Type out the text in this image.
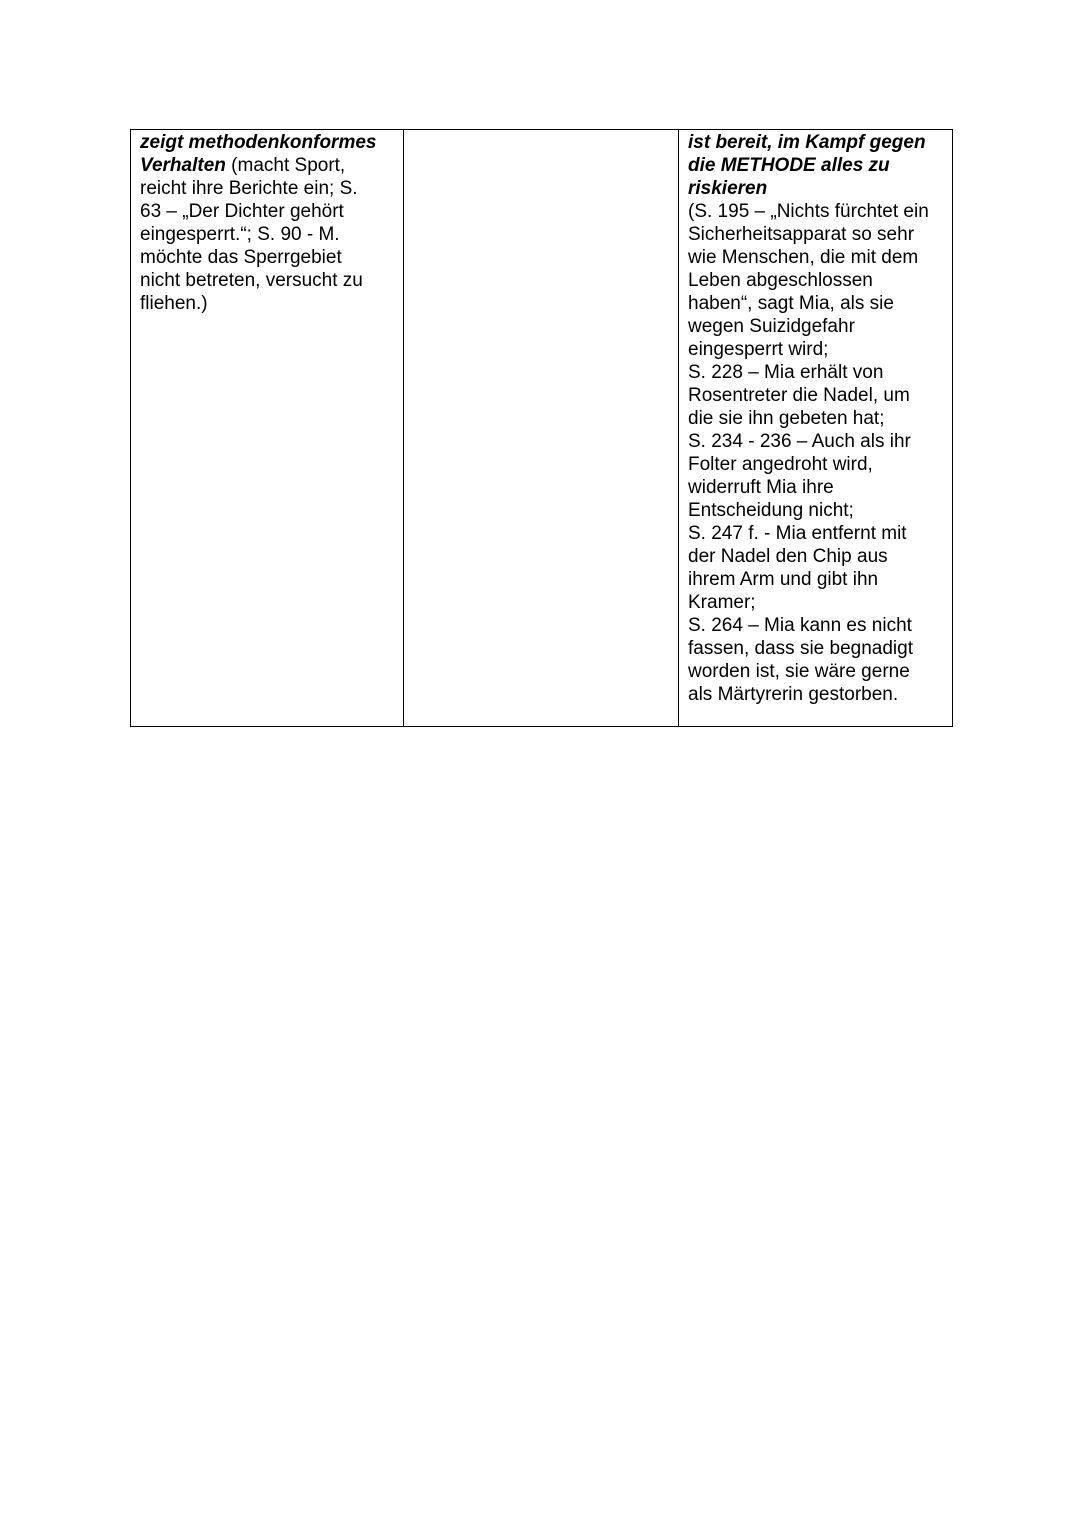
zeigt methodenkonformes
Verhalten (macht Sport,
reicht ihre Berichte ein; S.
63 – „Der Dichter gehört
eingesperrt.“; S. 90 - M.
möchte das Sperrgebiet
nicht betreten, versucht zu
fliehen.)
ist bereit, im Kampf gegen
die METHODE alles zu
riskieren
(S. 195 – „Nichts fürchtet ein
Sicherheitsapparat so sehr
wie Menschen, die mit dem
Leben abgeschlossen
haben“, sagt Mia, als sie
wegen Suizidgefahr
eingesperrt wird;
S. 228 – Mia erhält von
Rosentreter die Nadel, um
die sie ihn gebeten hat;
S. 234 - 236 – Auch als ihr
Folter angedroht wird,
widerruft Mia ihre
Entscheidung nicht;
S. 247 f. - Mia entfernt mit
der Nadel den Chip aus
ihrem Arm und gibt ihn
Kramer;
S. 264 – Mia kann es nicht
fassen, dass sie begnadigt
worden ist, sie wäre gerne
als Märtyrerin gestorben.
